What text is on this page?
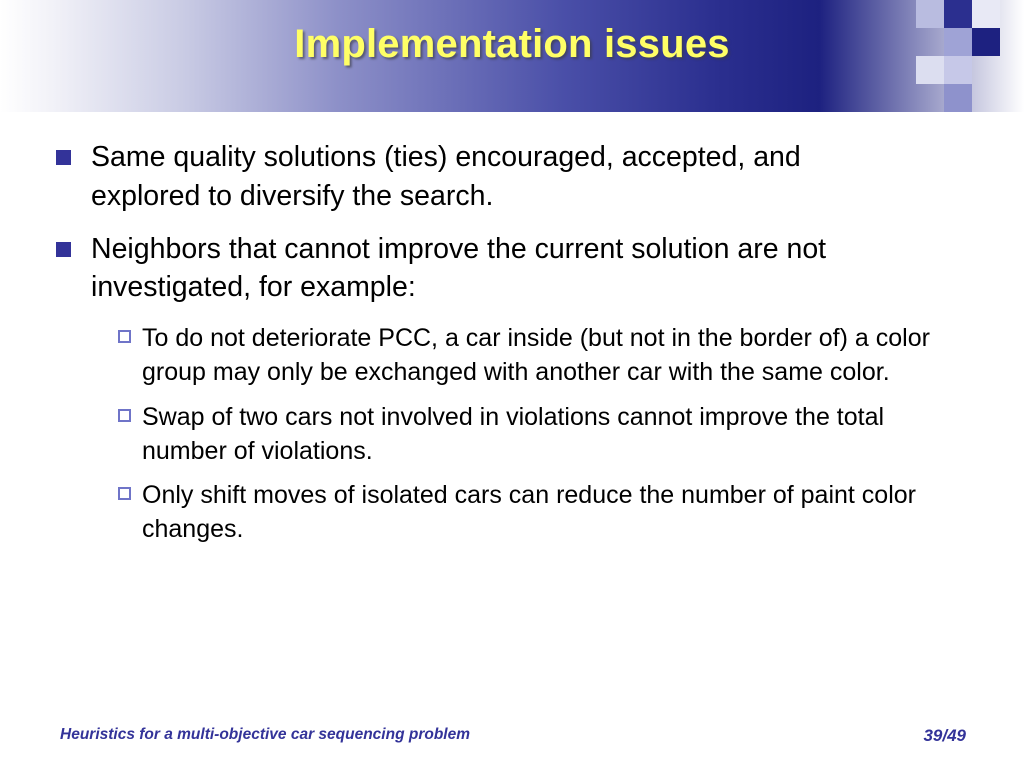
Implementation issues
Same quality solutions (ties) encouraged, accepted, and explored to diversify the search.
Neighbors that cannot improve the current solution are not investigated, for example:
To do not deteriorate PCC, a car inside (but not in the border of) a color group may only be exchanged with another car with the same color.
Swap of two cars not involved in violations cannot improve the total number of violations.
Only shift moves of isolated cars can reduce the number of paint color changes.
Heuristics for a multi-objective car sequencing problem	39/49
